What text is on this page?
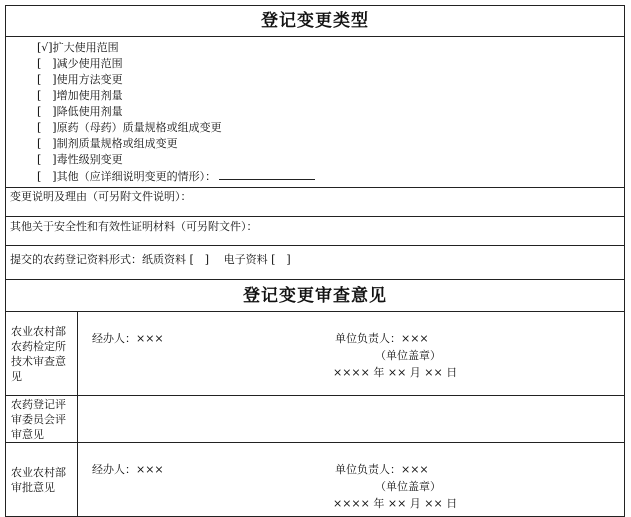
登记变更类型
[√]扩大使用范围
[　]减少使用范围
[　]使用方法变更
[　]增加使用剂量
[　]降低使用剂量
[　]原药（母药）质量规格或组成变更
[　]制剂质量规格或组成变更
[　]毒性级别变更
[　]其他（应详细说明变更的情形）：
变更说明及理由（可另附文件说明）：
其他关于安全性和有效性证明材料（可另附文件）：
提交的农药登记资料形式：纸质资料 [　]　 电子资料 [　]
登记变更审查意见
农业农村部农药检定所技术审查意见
经办人：×××	单位负责人：×××
（单位盖章）
×××× 年 ×× 月 ×× 日
农药登记评审委员会评审意见
农业农村部审批意见
经办人：×××	单位负责人：×××
（单位盖章）
×××× 年 ×× 月 ×× 日
